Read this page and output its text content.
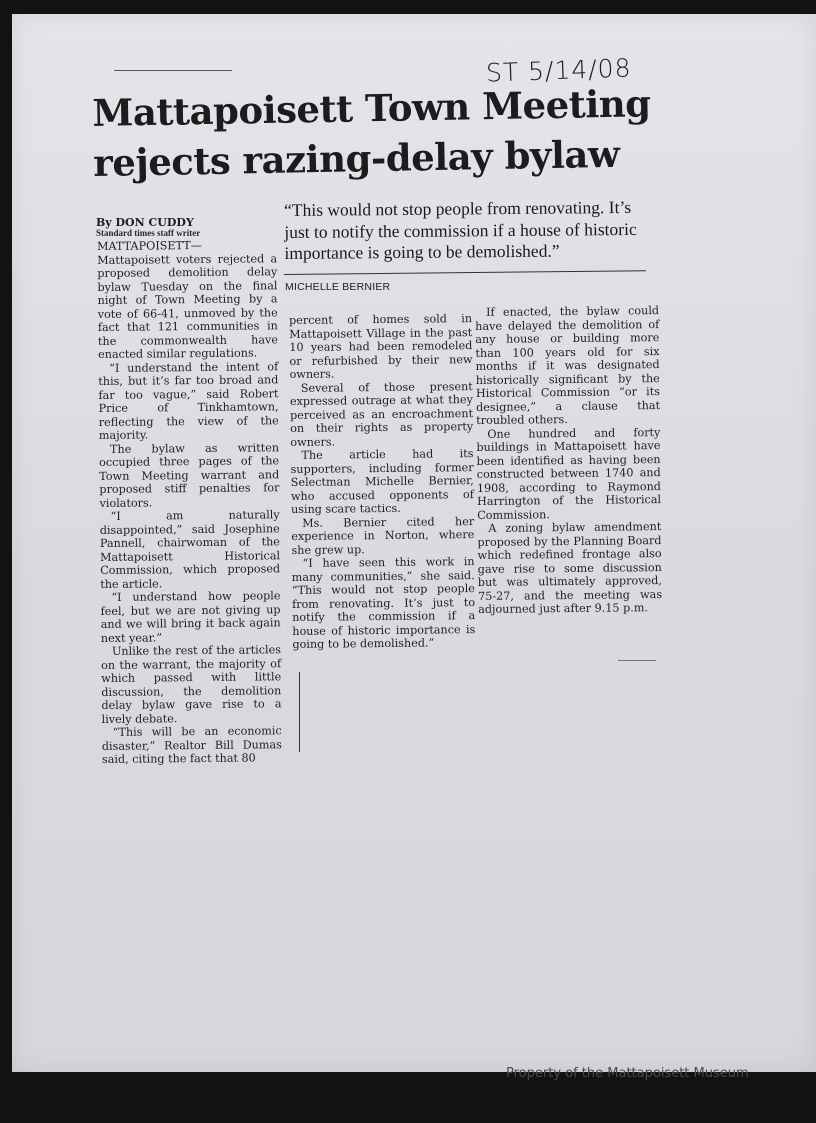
ST 5/14/08
Mattapoisett Town Meeting
rejects razing-delay bylaw
By DON CUDDY
Standard times staff writer

“This would not stop people from renovating. It’s just to notify the commission if a house of historic importance is going to be demolished.”

MICHELLE BERNIER

MATTAPOISETT— Mattapoisett voters rejected a proposed demolition delay bylaw Tuesday on the final night of Town Meeting by a vote of 66-41, unmoved by the fact that 121 communities in the commonwealth have enacted similar regulations.

“I understand the intent of this, but it’s far too broad and far too vague,” said Robert Price of Tinkhamtown, reflecting the view of the majority.

The bylaw as written occupied three pages of the Town Meeting warrant and proposed stiff penalties for violators.

“I am naturally disappointed,” said Josephine Pannell, chairwoman of the Mattapoisett Historical Commission, which proposed the article.

“I understand how people feel, but we are not giving up and we will bring it back again next year.”

Unlike the rest of the articles on the warrant, the majority of which passed with little discussion, the demolition delay bylaw gave rise to a lively debate.

“This will be an economic disaster,” Realtor Bill Dumas said, citing the fact that 80

percent of homes sold in Mattapoisett Village in the past 10 years had been remodeled or refurbished by their new owners.

Several of those present expressed outrage at what they perceived as an encroachment on their rights as property owners.

The article had its supporters, including former Selectman Michelle Bernier, who accused opponents of using scare tactics.

Ms. Bernier cited her experience in Norton, where she grew up.

“I have seen this work in many communities,” she said. “This would not stop people from renovating. It’s just to notify the commission if a house of historic importance is going to be demolished.”

If enacted, the bylaw could have delayed the demolition of any house or building more than 100 years old for six months if it was designated historically significant by the Historical Commission “or its designee,” a clause that troubled others.

One hundred and forty buildings in Mattapoisett have been identified as having been constructed between 1740 and 1908, according to Raymond Harrington of the Historical Commission.

A zoning bylaw amendment proposed by the Planning Board which redefined frontage also gave rise to some discussion but was ultimately approved, 75-27, and the meeting was adjourned just after 9.15 p.m.

Property of the Mattapoisett Museum
